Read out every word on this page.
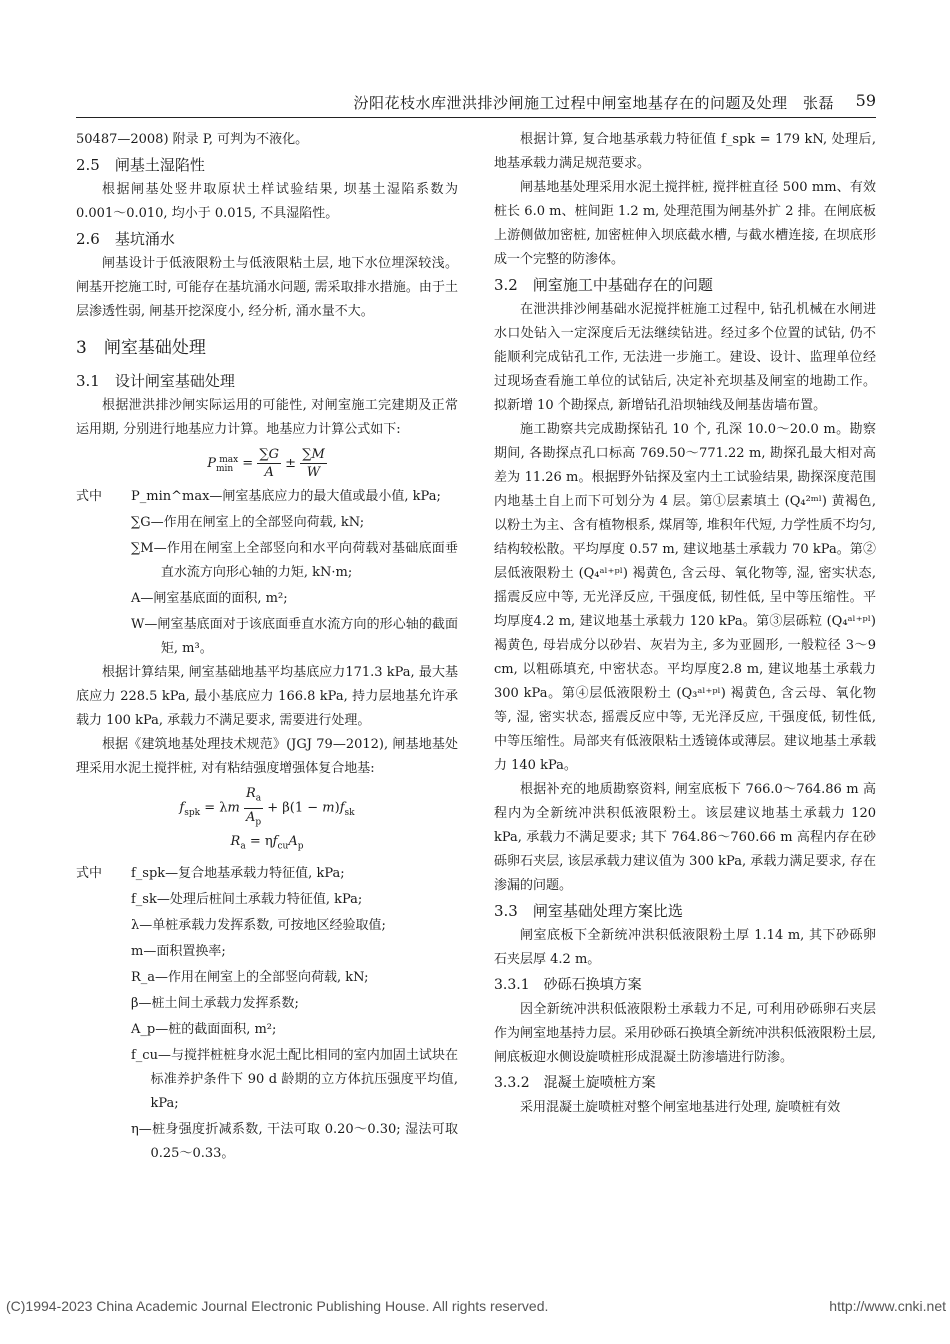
汾阳花枝水库泄洪排沙闸施工过程中闸室地基存在的问题及处理　张磊 59
50487—2008) 附录 P, 可判为不液化。
2.5　闸基土湿陷性
根据闸基处竖井取原状土样试验结果, 坝基土湿陷系数为 0.001～0.010, 均小于 0.015, 不具湿陷性。
2.6　基坑涌水
闸基设计于低液限粉土与低液限粘土层, 地下水位埋深较浅。闸基开挖施工时, 可能存在基坑涌水问题, 需采取排水措施。由于土层渗透性弱, 闸基开挖深度小, 经分析, 涌水量不大。
3　闸室基础处理
3.1　设计闸室基础处理
根据泄洪排沙闸实际运用的可能性, 对闸室施工完建期及正常运用期, 分别进行地基应力计算。地基应力计算公式如下:
$P_{min}^{max} = \frac{\sum G}{A} \pm \frac{\sum M}{W}$
式中 P_min^max—闸室基底应力的最大值或最小值, kPa;
∑G—作用在闸室上的全部竖向荷载, kN;
∑M—作用在闸室上全部竖向和水平向荷载对基础底面垂直水流方向形心轴的力矩, kN·m;
A—闸室基底面的面积, m²;
W—闸室基底面对于该底面垂直水流方向的形心轴的截面矩, m³。
根据计算结果, 闸室基础地基平均基底应力171.3 kPa, 最大基底应力 228.5 kPa, 最小基底应力 166.8 kPa, 持力层地基允许承载力 100 kPa, 承载力不满足要求, 需要进行处理。
根据《建筑地基处理技术规范》(JGJ 79—2012), 闸基地基处理采用水泥土搅拌桩, 对有粘结强度增强体复合地基:
$f_{spk} = \lambda m \frac{R_a}{A_p} + \beta(1 - m)f_{sk}$
$R_a = \eta f_{cu}A_p$
式中 f_spk—复合地基承载力特征值, kPa;
f_sk—处理后桩间土承载力特征值, kPa;
λ—单桩承载力发挥系数, 可按地区经验取值;
m—面积置换率;
R_a—作用在闸室上的全部竖向荷载, kN;
β—桩土间土承载力发挥系数;
A_p—桩的截面面积, m²;
f_cu—与搅拌桩桩身水泥土配比相同的室内加固土试块在标准养护条件下 90 d 龄期的立方体抗压强度平均值, kPa;
η—桩身强度折减系数, 干法可取 0.20～0.30; 湿法可取 0.25～0.33。
根据计算, 复合地基承载力特征值 f_spk = 179 kN, 处理后, 地基承载力满足规范要求。
闸基地基处理采用水泥土搅拌桩, 搅拌桩直径 500 mm、有效桩长 6.0 m、桩间距 1.2 m, 处理范围为闸基外扩 2 排。在闸底板上游侧做加密桩, 加密桩伸入坝底截水槽, 与截水槽连接, 在坝底形成一个完整的防渗体。
3.2　闸室施工中基础存在的问题
在泄洪排沙闸基础水泥搅拌桩施工过程中, 钻孔机械在水闸进水口处钻入一定深度后无法继续钻进。经过多个位置的试钻, 仍不能顺利完成钻孔工作, 无法进一步施工。建设、设计、监理单位经过现场查看施工单位的试钻后, 决定补充坝基及闸室的地勘工作。拟新增 10 个勘探点, 新增钻孔沿坝轴线及闸基齿墙布置。
施工勘察共完成勘探钻孔 10 个, 孔深 10.0～20.0 m。勘察期间, 各勘探点孔口标高 769.50～771.22 m, 勘探孔最大相对高差为 11.26 m。根据野外钻探及室内土工试验结果, 勘探深度范围内地基土自上而下可划分为 4 层。第①层素填土 (Q₄²ᵐˡ) 黄褐色, 以粉土为主、含有植物根系, 煤屑等, 堆积年代短, 力学性质不均匀, 结构较松散。平均厚度 0.57 m, 建议地基土承载力 70 kPa。第②层低液限粉土 (Q₄ᵃˡ⁺ᵖˡ) 褐黄色, 含云母、氧化物等, 湿, 密实状态, 摇震反应中等, 无光泽反应, 干强度低, 韧性低, 呈中等压缩性。平均厚度4.2 m, 建议地基土承载力 120 kPa。第③层砾粒 (Q₄ᵃˡ⁺ᵖˡ) 褐黄色, 母岩成分以砂岩、灰岩为主, 多为亚圆形, 一般粒径 3～9 cm, 以粗砾填充, 中密状态。平均厚度2.8 m, 建议地基土承载力 300 kPa。第④层低液限粉土 (Q₃ᵃˡ⁺ᵖˡ) 褐黄色, 含云母、氧化物等, 湿, 密实状态, 摇震反应中等, 无光泽反应, 干强度低, 韧性低, 中等压缩性。局部夹有低液限粘土透镜体或薄层。建议地基土承载力 140 kPa。
根据补充的地质勘察资料, 闸室底板下 766.0～764.86 m 高程内为全新统冲洪积低液限粉土。该层建议地基土承载力 120 kPa, 承载力不满足要求; 其下 764.86～760.66 m 高程内存在砂砾卵石夹层, 该层承载力建议值为 300 kPa, 承载力满足要求, 存在渗漏的问题。
3.3　闸室基础处理方案比选
闸室底板下全新统冲洪积低液限粉土厚 1.14 m, 其下砂砾卵石夹层厚 4.2 m。
3.3.1　砂砾石换填方案
因全新统冲洪积低液限粉土承载力不足, 可利用砂砾卵石夹层作为闸室地基持力层。采用砂砾石换填全新统冲洪积低液限粉土层, 闸底板迎水侧设旋喷桩形成混凝土防渗墙进行防渗。
3.3.2　混凝土旋喷桩方案
采用混凝土旋喷桩对整个闸室地基进行处理, 旋喷桩有效
(C)1994-2023 China Academic Journal Electronic Publishing House. All rights reserved.	http://www.cnki.net
